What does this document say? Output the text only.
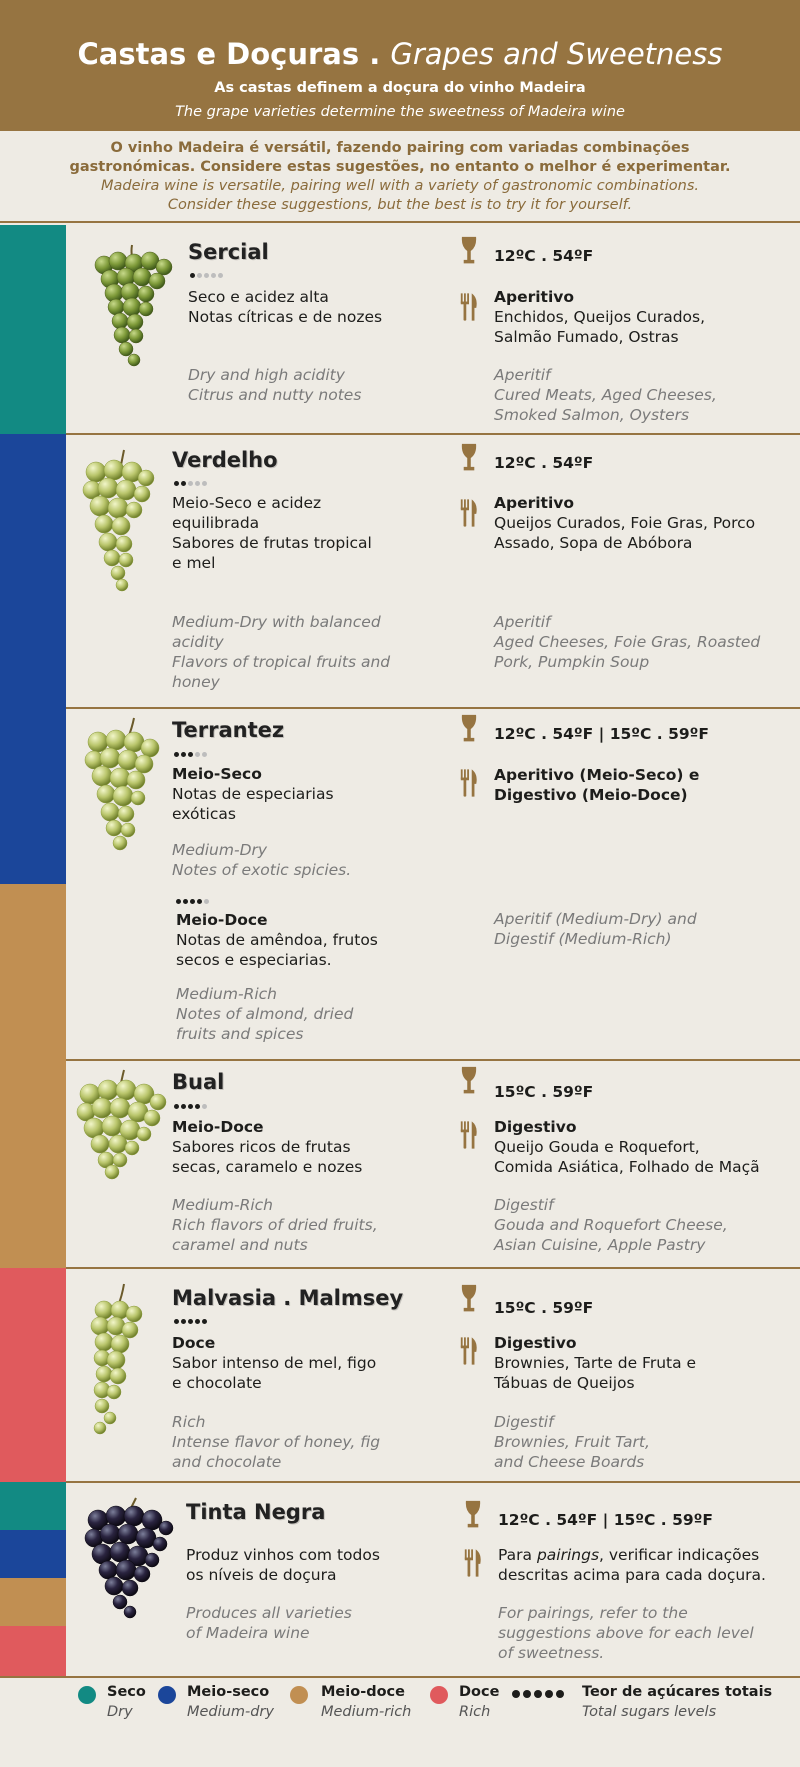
Castas e Doçuras . Grapes and Sweetness
As castas definem a doçura do vinho Madeira
The grape varieties determine the sweetness of Madeira wine
O vinho Madeira é versátil, fazendo pairing com variadas combinações
gastronómicas. Considere estas sugestões, no entanto o melhor é experimentar.
Madeira wine is versatile, pairing well with a variety of gastronomic combinations.
Consider these suggestions, but the best is to try it for yourself.
Sercial
Seco e acidez alta
Notas cítricas e de nozes
Dry and high acidity
Citrus and nutty notes
12ºC . 54ºF
Aperitivo
Enchidos, Queijos Curados,
Salmão Fumado, Ostras
Aperitif
Cured Meats, Aged Cheeses,
Smoked Salmon, Oysters
Verdelho
Meio-Seco e acidez
equilibrada
Sabores de frutas tropical
e mel
Medium-Dry with balanced
acidity
Flavors of tropical fruits and
honey
12ºC . 54ºF
Aperitivo
Queijos Curados, Foie Gras, Porco
Assado, Sopa de Abóbora
Aperitif
Aged Cheeses, Foie Gras, Roasted
Pork, Pumpkin Soup
Terrantez
Meio-Seco
Notas de especiarias
exóticas
Medium-Dry
Notes of exotic spicies.
Meio-Doce
Notas de amêndoa, frutos
secos e especiarias.
Medium-Rich
Notes of almond, dried
fruits and spices
12ºC . 54ºF | 15ºC . 59ºF
Aperitivo (Meio-Seco) e
Digestivo (Meio-Doce)
Aperitif (Medium-Dry) and
Digestif (Medium-Rich)
Bual
Meio-Doce
Sabores ricos de frutas
secas, caramelo e nozes
Medium-Rich
Rich flavors of dried fruits,
caramel and nuts
15ºC . 59ºF
Digestivo
Queijo Gouda e Roquefort,
Comida Asiática, Folhado de Maçã
Digestif
Gouda and Roquefort Cheese,
Asian Cuisine, Apple Pastry
Malvasia . Malmsey
Doce
Sabor intenso de mel, figo
e chocolate
Rich
Intense flavor of honey, fig
and chocolate
15ºC . 59ºF
Digestivo
Brownies, Tarte de Fruta e
Tábuas de Queijos
Digestif
Brownies, Fruit Tart,
and Cheese Boards
Tinta Negra
Produz vinhos com todos
os níveis de doçura
Produces all varieties
of Madeira wine
12ºC . 54ºF | 15ºC . 59ºF
Para pairings, verificar indicações
descritas acima para cada doçura.
For pairings, refer to the
suggestions above for each level
of sweetness.
Seco
Dry
Meio-seco
Medium-dry
Meio-doce
Medium-rich
Doce
Rich
Teor de açúcares totais
Total sugars levels
